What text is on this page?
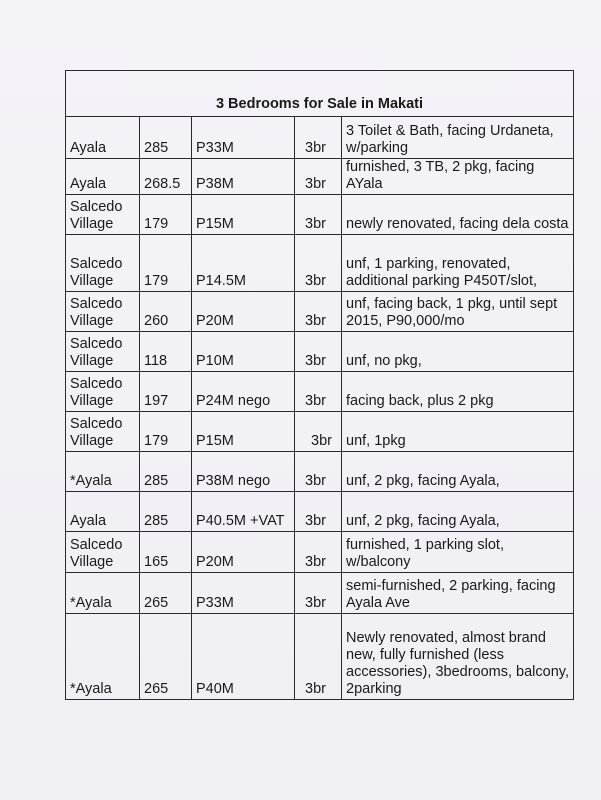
3 Bedrooms for Sale in Makati				
Ayala	285	P33M	3br	3 Toilet & Bath, facing Urdaneta, w/parking
Ayala	268.5	P38M	3br	furnished, 3 TB, 2 pkg, facing AYala
Salcedo Village	179	P15M	3br	newly renovated, facing dela costa
Salcedo Village	179	P14.5M	3br	unf, 1 parking, renovated, additional parking P450T/slot,
Salcedo Village	260	P20M	3br	unf, facing back, 1 pkg, until sept 2015, P90,000/mo
Salcedo Village	118	P10M	3br	unf, no pkg,
Salcedo Village	197	P24M nego	3br	facing back, plus 2 pkg
Salcedo Village	179	P15M	3br	unf, 1pkg
*Ayala	285	P38M nego	3br	unf, 2 pkg, facing Ayala,
Ayala	285	P40.5M +VAT	3br	unf, 2 pkg, facing Ayala,
Salcedo Village	165	P20M	3br	furnished, 1 parking slot, w/balcony
*Ayala	265	P33M	3br	semi-furnished, 2 parking, facing Ayala Ave
*Ayala	265	P40M	3br	Newly renovated, almost brand new, fully furnished (less accessories), 3bedrooms, balcony, 2parking
